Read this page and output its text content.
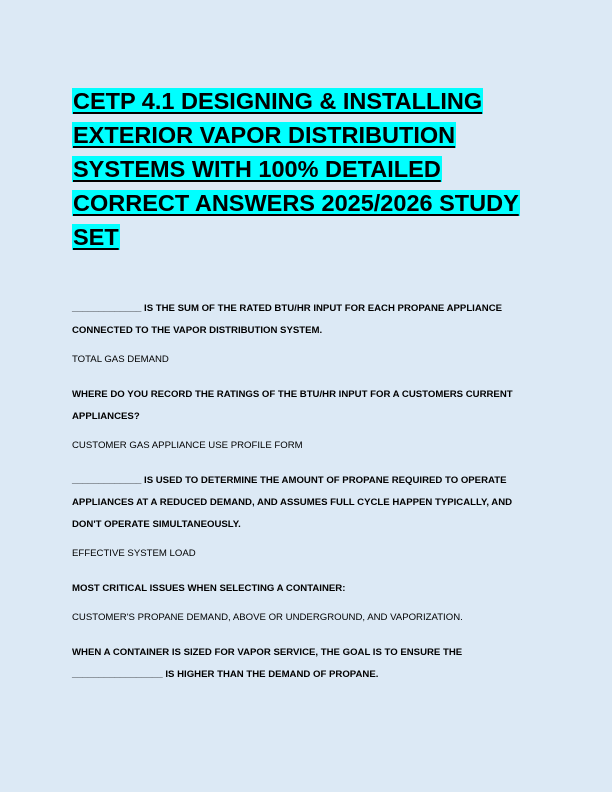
CETP 4.1 DESIGNING & INSTALLING EXTERIOR VAPOR DISTRIBUTION SYSTEMS WITH 100% DETAILED CORRECT ANSWERS 2025/2026 STUDY SET

_____________ IS THE SUM OF THE RATED BTU/HR INPUT FOR EACH PROPANE APPLIANCE CONNECTED TO THE VAPOR DISTRIBUTION SYSTEM.

TOTAL GAS DEMAND

WHERE DO YOU RECORD THE RATINGS OF THE BTU/HR INPUT FOR A CUSTOMERS CURRENT APPLIANCES?

CUSTOMER GAS APPLIANCE USE PROFILE FORM

_____________ IS USED TO DETERMINE THE AMOUNT OF PROPANE REQUIRED TO OPERATE APPLIANCES AT A REDUCED DEMAND, AND ASSUMES FULL CYCLE HAPPEN TYPICALLY, AND DON'T OPERATE SIMULTANEOUSLY.

EFFECTIVE SYSTEM LOAD

MOST CRITICAL ISSUES WHEN SELECTING A CONTAINER:

CUSTOMER'S PROPANE DEMAND, ABOVE OR UNDERGROUND, AND VAPORIZATION.

WHEN A CONTAINER IS SIZED FOR VAPOR SERVICE, THE GOAL IS TO ENSURE THE _________________ IS HIGHER THAN THE DEMAND OF PROPANE.
